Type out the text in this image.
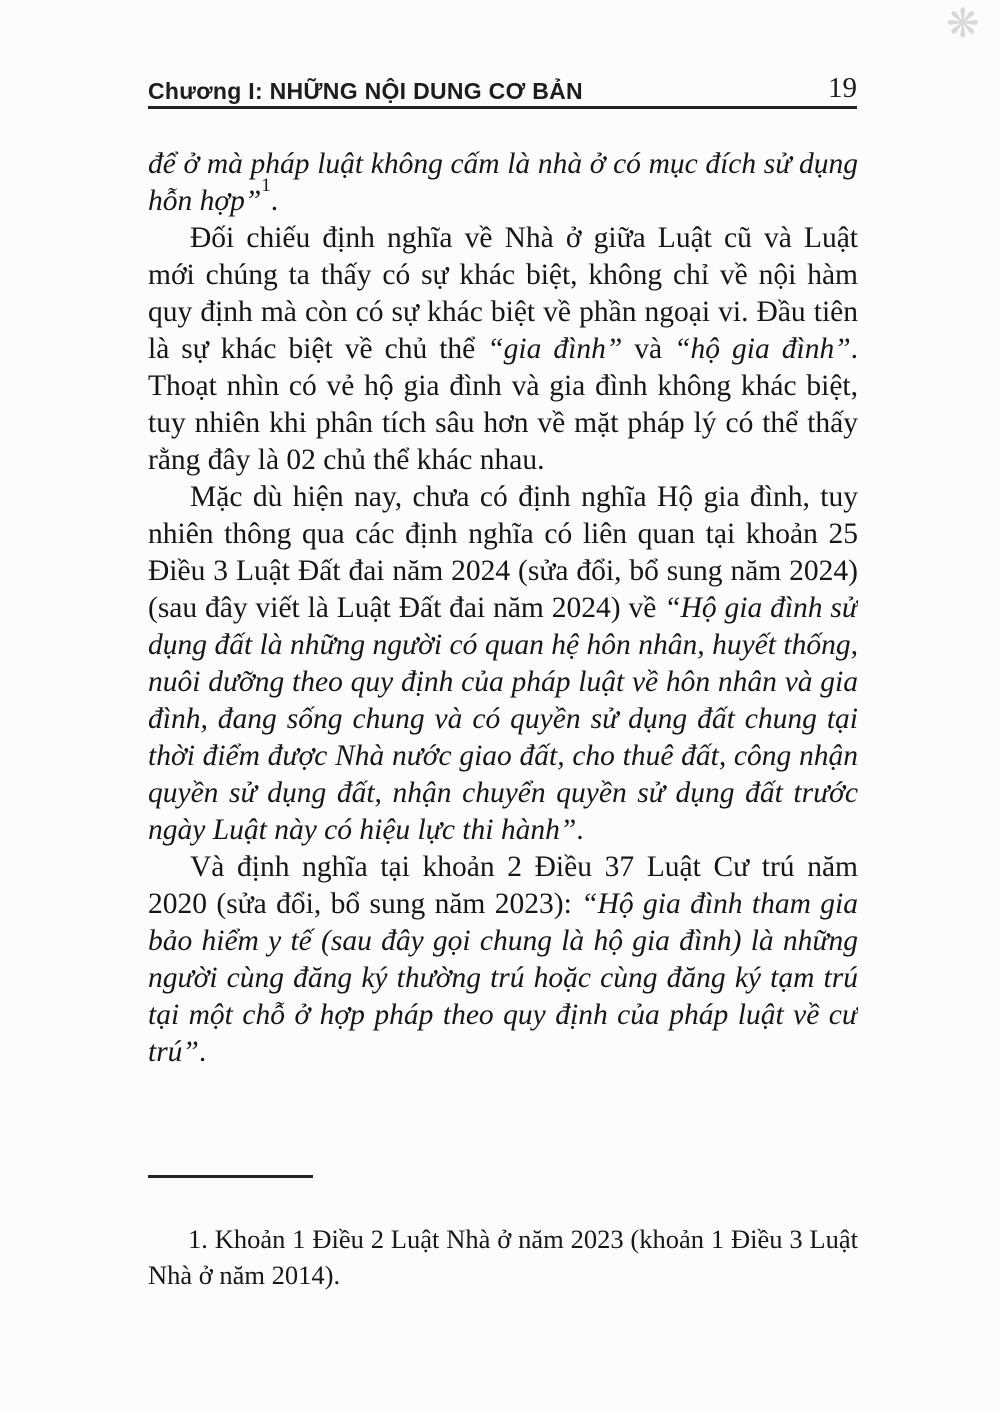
❋
Chương I: NHỮNG NỘI DUNG CƠ BẢN	19

để ở mà pháp luật không cấm là nhà ở có mục đích sử dụng hỗn hợp”$^1$.

Đối chiếu định nghĩa về Nhà ở giữa Luật cũ và Luật mới chúng ta thấy có sự khác biệt, không chỉ về nội hàm quy định mà còn có sự khác biệt về phần ngoại vi. Đầu tiên là sự khác biệt về chủ thể “gia đình” và “hộ gia đình”. Thoạt nhìn có vẻ hộ gia đình và gia đình không khác biệt, tuy nhiên khi phân tích sâu hơn về mặt pháp lý có thể thấy rằng đây là 02 chủ thể khác nhau.

Mặc dù hiện nay, chưa có định nghĩa Hộ gia đình, tuy nhiên thông qua các định nghĩa có liên quan tại khoản 25 Điều 3 Luật Đất đai năm 2024 (sửa đổi, bổ sung năm 2024) (sau đây viết là Luật Đất đai năm 2024) về “Hộ gia đình sử dụng đất là những người có quan hệ hôn nhân, huyết thống, nuôi dưỡng theo quy định của pháp luật về hôn nhân và gia đình, đang sống chung và có quyền sử dụng đất chung tại thời điểm được Nhà nước giao đất, cho thuê đất, công nhận quyền sử dụng đất, nhận chuyển quyền sử dụng đất trước ngày Luật này có hiệu lực thi hành”.

Và định nghĩa tại khoản 2 Điều 37 Luật Cư trú năm 2020 (sửa đổi, bổ sung năm 2023): “Hộ gia đình tham gia bảo hiểm y tế (sau đây gọi chung là hộ gia đình) là những người cùng đăng ký thường trú hoặc cùng đăng ký tạm trú tại một chỗ ở hợp pháp theo quy định của pháp luật về cư trú”.

1. Khoản 1 Điều 2 Luật Nhà ở năm 2023 (khoản 1 Điều 3 Luật Nhà ở năm 2014).
